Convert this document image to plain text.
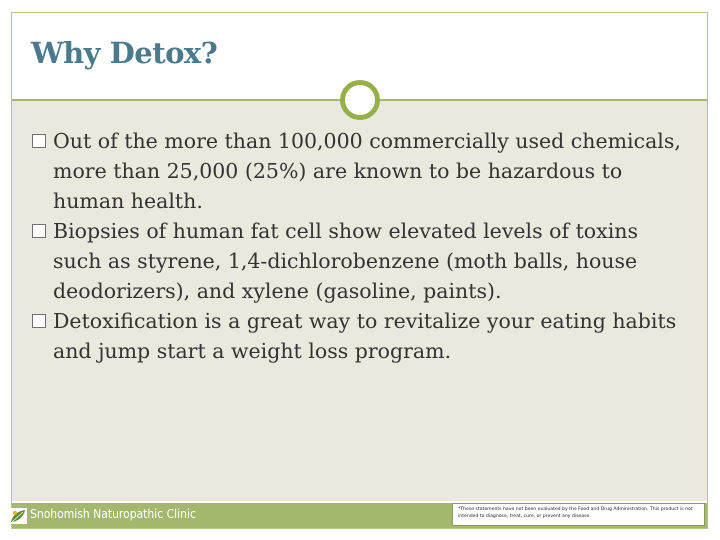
Why Detox?
Out of the more than 100,000 commercially used chemicals, more than 25,000 (25%) are known to be hazardous to human health.
Biopsies of human fat cell show elevated levels of toxins such as styrene, 1,4-dichlorobenzene (moth balls, house deodorizers), and xylene (gasoline, paints).
Detoxification is a great way to revitalize your eating habits and jump start a weight loss program.
Snohomish Naturopathic Clinic	*These statements have not been evaluated by the Food and Drug Administration. This product is not intended to diagnose, treat, cure, or prevent any disease.
